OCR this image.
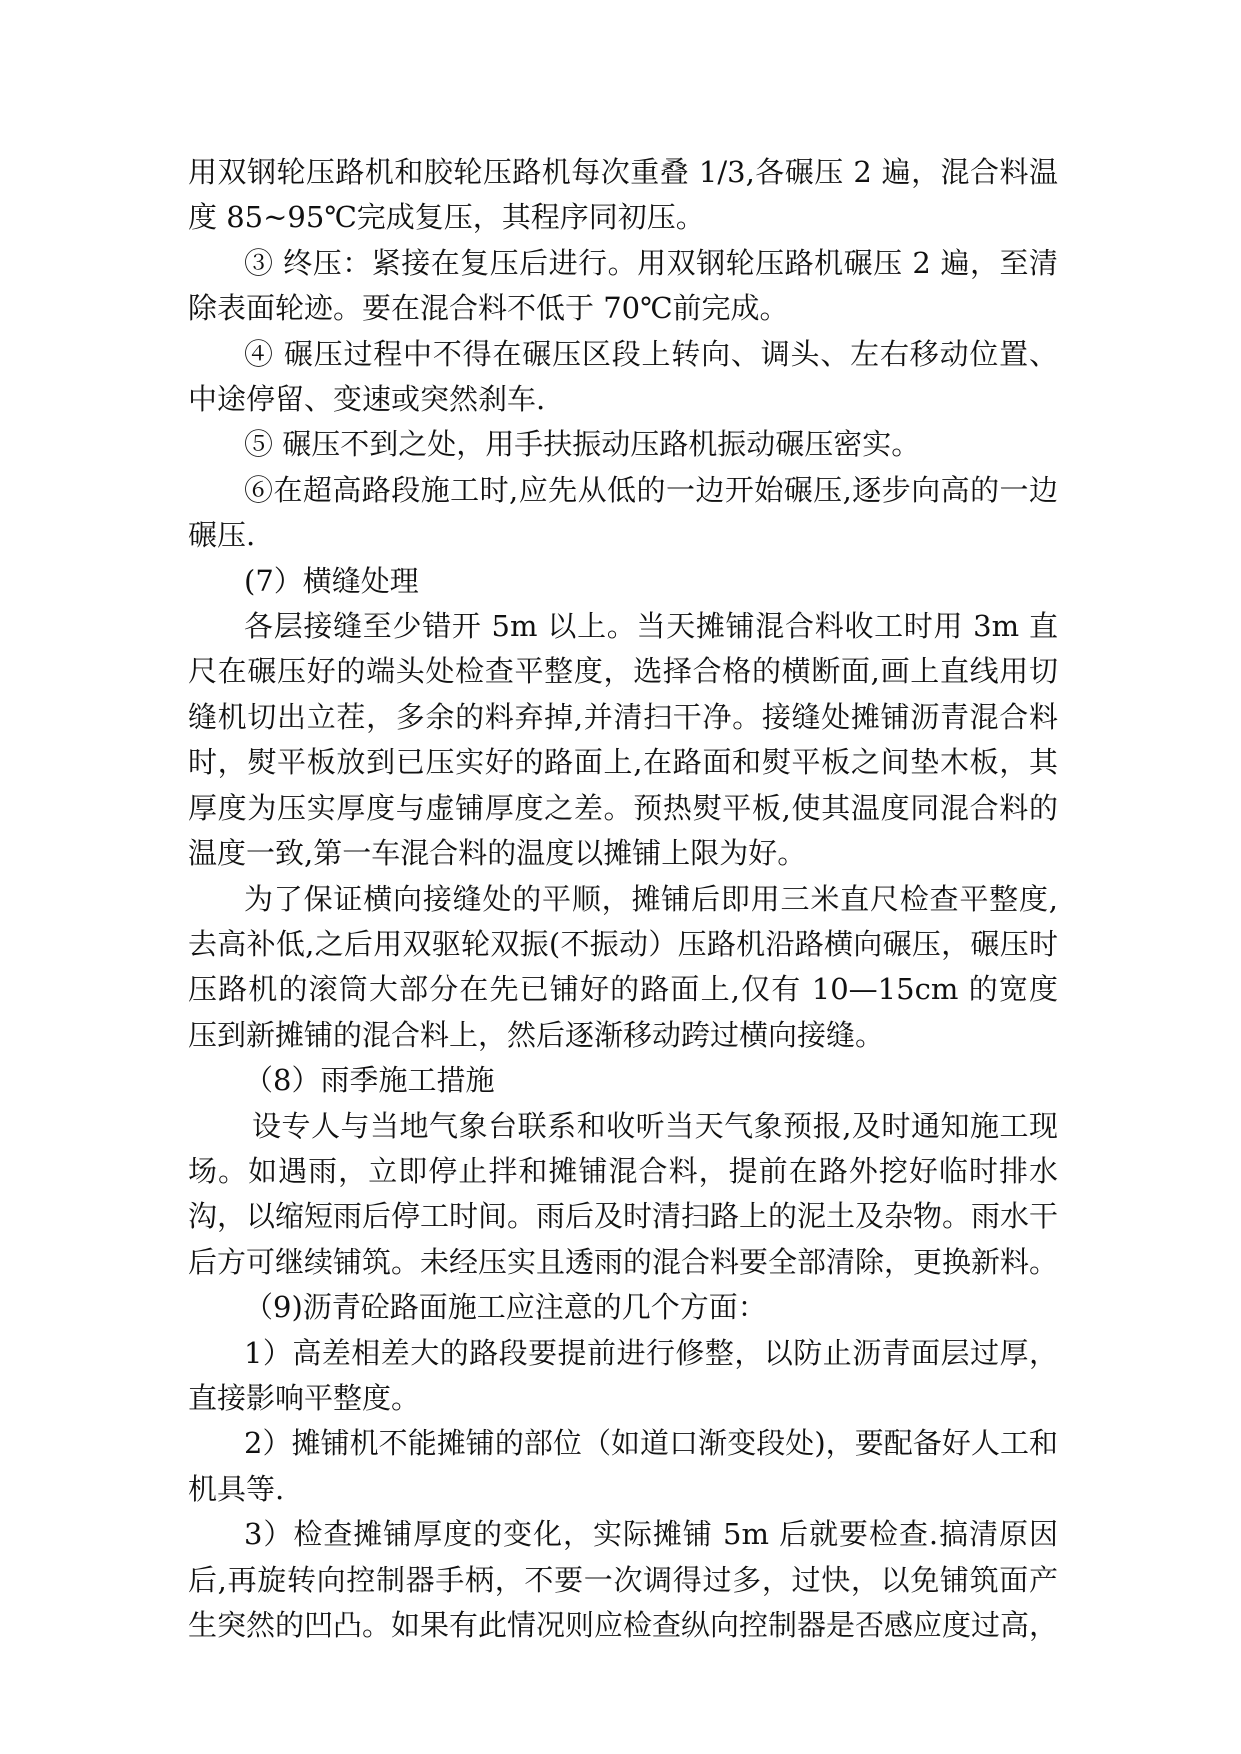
用双钢轮压路机和胶轮压路机每次重叠 1/3,各碾压 2 遍，混合料温度 85~95℃完成复压，其程序同初压。

③ 终压：紧接在复压后进行。用双钢轮压路机碾压 2 遍，至清除表面轮迹。要在混合料不低于 70℃前完成。

④ 碾压过程中不得在碾压区段上转向、调头、左右移动位置、中途停留、变速或突然刹车.

⑤ 碾压不到之处，用手扶振动压路机振动碾压密实。

⑥在超高路段施工时,应先从低的一边开始碾压,逐步向高的一边碾压.

(7）横缝处理

各层接缝至少错开 5m 以上。当天摊铺混合料收工时用 3m 直尺在碾压好的端头处检查平整度，选择合格的横断面,画上直线用切缝机切出立茬，多余的料弃掉,并清扫干净。接缝处摊铺沥青混合料时，熨平板放到已压实好的路面上,在路面和熨平板之间垫木板，其厚度为压实厚度与虚铺厚度之差。预热熨平板,使其温度同混合料的温度一致,第一车混合料的温度以摊铺上限为好。

为了保证横向接缝处的平顺，摊铺后即用三米直尺检查平整度,去高补低,之后用双驱轮双振(不振动）压路机沿路横向碾压，碾压时压路机的滚筒大部分在先已铺好的路面上,仅有 10—15cm 的宽度压到新摊铺的混合料上，然后逐渐移动跨过横向接缝。

（8）雨季施工措施

设专人与当地气象台联系和收听当天气象预报,及时通知施工现场。如遇雨，立即停止拌和摊铺混合料，提前在路外挖好临时排水沟，以缩短雨后停工时间。雨后及时清扫路上的泥土及杂物。雨水干后方可继续铺筑。未经压实且透雨的混合料要全部清除，更换新料。

（9)沥青砼路面施工应注意的几个方面：

1）高差相差大的路段要提前进行修整，以防止沥青面层过厚，直接影响平整度。

2）摊铺机不能摊铺的部位（如道口渐变段处)，要配备好人工和机具等.

3）检查摊铺厚度的变化，实际摊铺 5m 后就要检查.搞清原因后,再旋转向控制器手柄，不要一次调得过多，过快，以免铺筑面产生突然的凹凸。如果有此情况则应检查纵向控制器是否感应度过高，
